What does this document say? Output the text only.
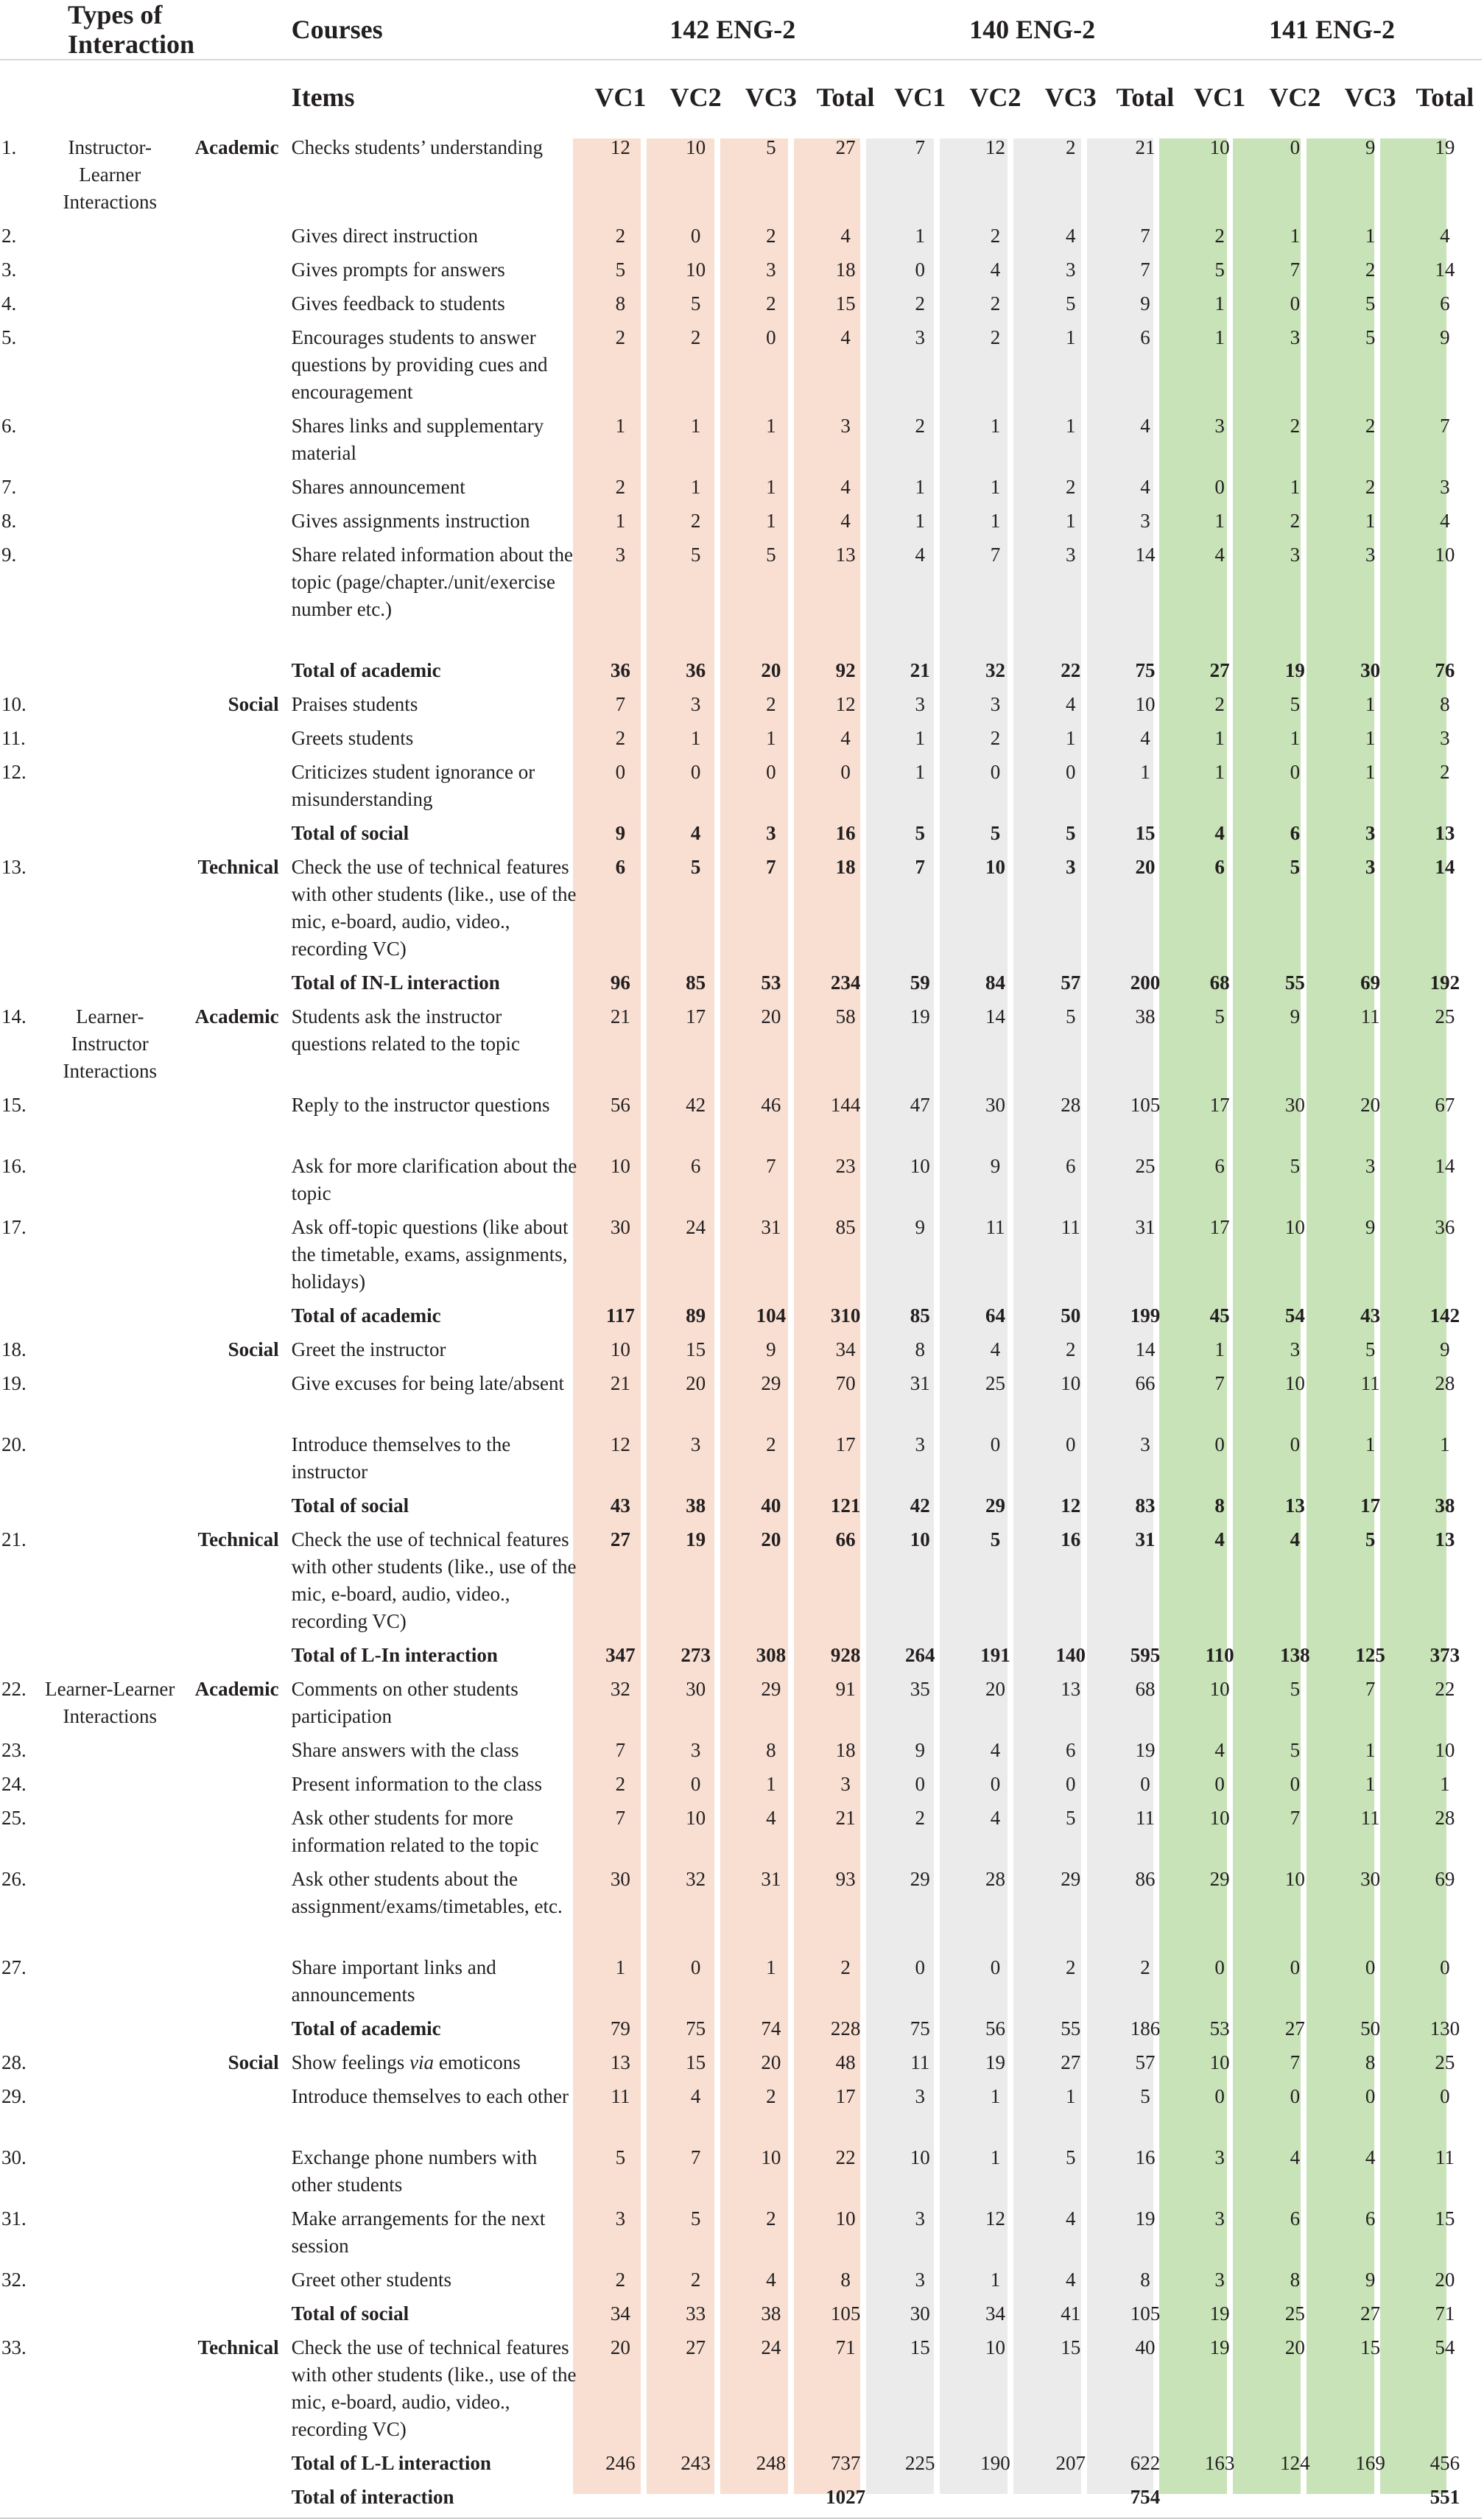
Types of Interaction			Courses	142 ENG-2				140 ENG-2				141 ENG-2			
			Items	VC1	VC2	VC3	Total	VC1	VC2	VC3	Total	VC1	VC2	VC3	Total
1.	Instructor-Learner Interactions	Academic	Checks students’ understanding	12	10	5	27	7	12	2	21	10	0	9	19
2.			Gives direct instruction	2	0	2	4	1	2	4	7	2	1	1	4
3.			Gives prompts for answers	5	10	3	18	0	4	3	7	5	7	2	14
4.			Gives feedback to students	8	5	2	15	2	2	5	9	1	0	5	6
5.			Encourages students to answer questions by providing cues and encouragement	2	2	0	4	3	2	1	6	1	3	5	9
6.			Shares links and supplementary material	1	1	1	3	2	1	1	4	3	2	2	7
7.			Shares announcement	2	1	1	4	1	1	2	4	0	1	2	3
8.			Gives assignments instruction	1	2	1	4	1	1	1	3	1	2	1	4
9.			Share related information about the topic (page/chapter./unit/exercise number etc.)	3	5	5	13	4	7	3	14	4	3	3	10
			Total of academic	36	36	20	92	21	32	22	75	27	19	30	76
10.		Social	Praises students	7	3	2	12	3	3	4	10	2	5	1	8
11.			Greets students	2	1	1	4	1	2	1	4	1	1	1	3
12.			Criticizes student ignorance or misunderstanding	0	0	0	0	1	0	0	1	1	0	1	2
			Total of social	9	4	3	16	5	5	5	15	4	6	3	13
13.		Technical	Check the use of technical features with other students (like., use of the mic, e-board, audio, video., recording VC)	6	5	7	18	7	10	3	20	6	5	3	14
			Total of IN-L interaction	96	85	53	234	59	84	57	200	68	55	69	192
14.	Learner-Instructor Interactions	Academic	Students ask the instructor questions related to the topic	21	17	20	58	19	14	5	38	5	9	11	25
15.			Reply to the instructor questions	56	42	46	144	47	30	28	105	17	30	20	67
16.			Ask for more clarification about the topic	10	6	7	23	10	9	6	25	6	5	3	14
17.			Ask off-topic questions (like about the timetable, exams, assignments, holidays)	30	24	31	85	9	11	11	31	17	10	9	36
			Total of academic	117	89	104	310	85	64	50	199	45	54	43	142
18.		Social	Greet the instructor	10	15	9	34	8	4	2	14	1	3	5	9
19.			Give excuses for being late/absent	21	20	29	70	31	25	10	66	7	10	11	28
20.			Introduce themselves to the instructor	12	3	2	17	3	0	0	3	0	0	1	1
			Total of social	43	38	40	121	42	29	12	83	8	13	17	38
21.		Technical	Check the use of technical features with other students (like., use of the mic, e-board, audio, video., recording VC)	27	19	20	66	10	5	16	31	4	4	5	13
			Total of L-In interaction	347	273	308	928	264	191	140	595	110	138	125	373
22.	Learner-Learner Interactions	Academic	Comments on other students participation	32	30	29	91	35	20	13	68	10	5	7	22
23.			Share answers with the class	7	3	8	18	9	4	6	19	4	5	1	10
24.			Present information to the class	2	0	1	3	0	0	0	0	0	0	1	1
25.			Ask other students for more information related to the topic	7	10	4	21	2	4	5	11	10	7	11	28
26.			Ask other students about the assignment/exams/timetables, etc.	30	32	31	93	29	28	29	86	29	10	30	69
27.			Share important links and announcements	1	0	1	2	0	0	2	2	0	0	0	0
			Total of academic	79	75	74	228	75	56	55	186	53	27	50	130
28.		Social	Show feelings via emoticons	13	15	20	48	11	19	27	57	10	7	8	25
29.			Introduce themselves to each other	11	4	2	17	3	1	1	5	0	0	0	0
30.			Exchange phone numbers with other students	5	7	10	22	10	1	5	16	3	4	4	11
31.			Make arrangements for the next session	3	5	2	10	3	12	4	19	3	6	6	15
32.			Greet other students	2	2	4	8	3	1	4	8	3	8	9	20
			Total of social	34	33	38	105	30	34	41	105	19	25	27	71
33.		Technical	Check the use of technical features with other students (like., use of the mic, e-board, audio, video., recording VC)	20	27	24	71	15	10	15	40	19	20	15	54
			Total of L-L interaction	246	243	248	737	225	190	207	622	163	124	169	456
			Total of interaction				1027				754				551
